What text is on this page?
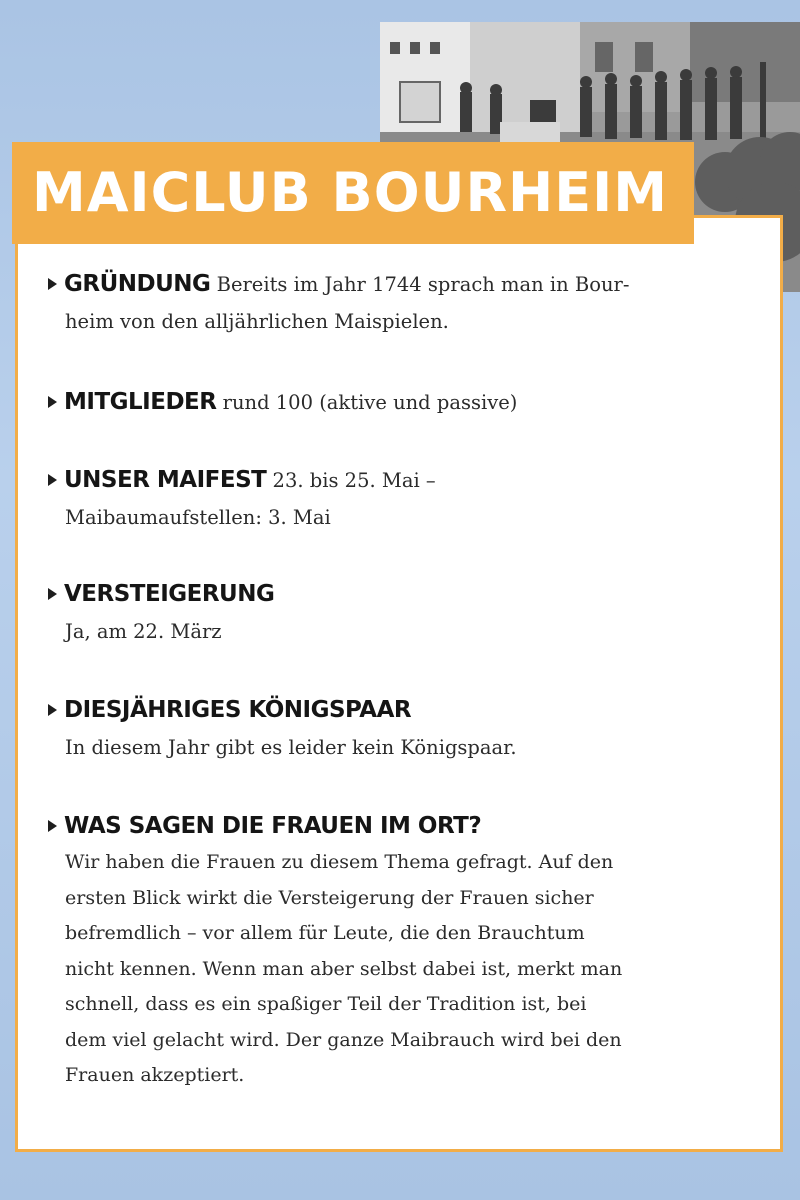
MAICLUB BOURHEIM
GRÜNDUNG Bereits im Jahr 1744 sprach man in Bour-
heim von den alljährlichen Maispielen.
MITGLIEDER rund 100 (aktive und passive)
UNSER MAIFEST 23. bis 25. Mai –
Maibaumaufstellen: 3. Mai
VERSTEIGERUNG
Ja, am 22. März
DIESJÄHRIGES KÖNIGSPAAR
In diesem Jahr gibt es leider kein Königspaar.
WAS SAGEN DIE FRAUEN IM ORT?
Wir haben die Frauen zu diesem Thema gefragt. Auf den
ersten Blick wirkt die Versteigerung der Frauen sicher
befremdlich – vor allem für Leute, die den Brauchtum
nicht kennen. Wenn man aber selbst dabei ist, merkt man
schnell, dass es ein spaßiger Teil der Tradition ist, bei
dem viel gelacht wird. Der ganze Maibrauch wird bei den
Frauen akzeptiert.
